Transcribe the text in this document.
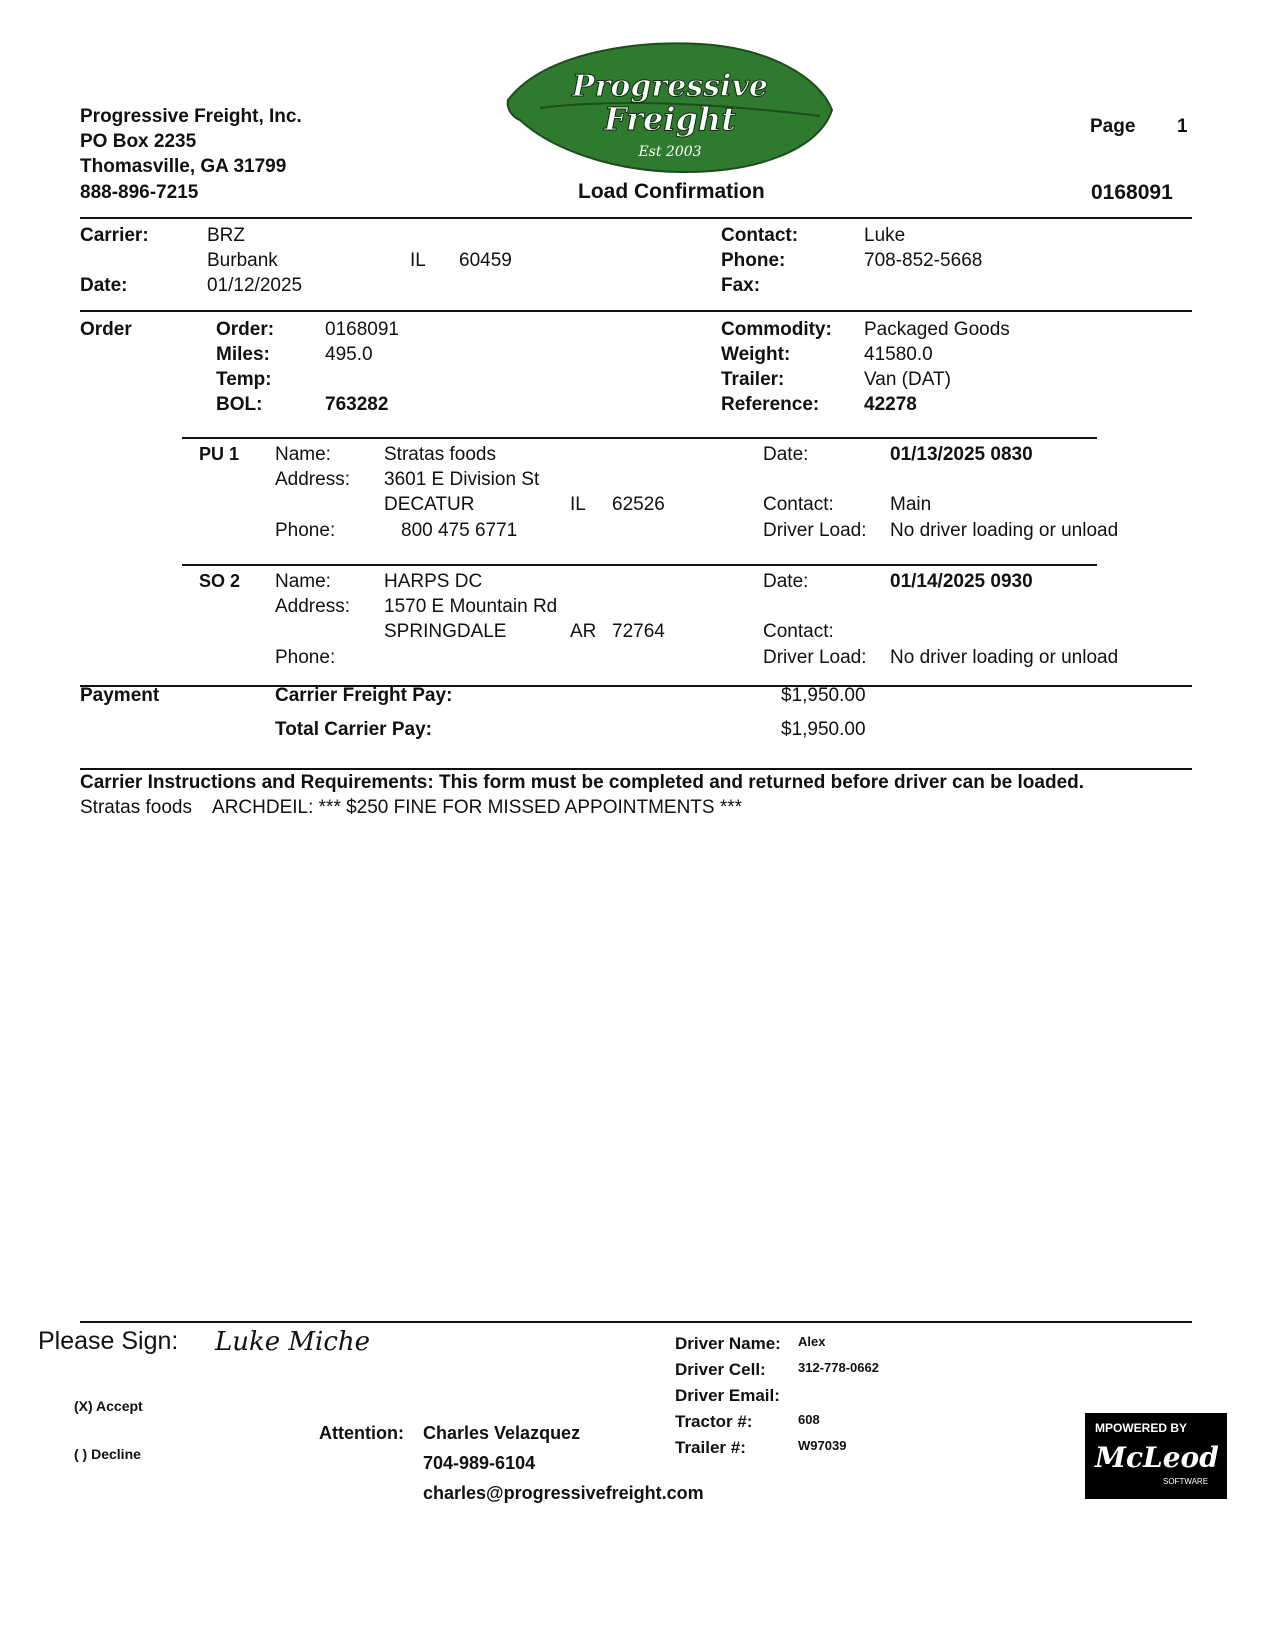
Progressive Freight, Inc.
PO Box 2235
Thomasville, GA 31799
888-896-7215
Progressive
Freight
Est 2003
Page 1
Load Confirmation	0168091
Carrier:	BRZ
Burbank	IL 60459
Date:	01/12/2025
Contact:	Luke
Phone:	708-852-5668
Fax:
Order	Order:	0168091
Miles:	495.0
Temp:
BOL:	763282
Commodity: Packaged Goods
Weight:	41580.0
Trailer:	Van (DAT)
Reference: 42278
PU 1 Name:	Stratas foods
Address: 3601 E Division St
DECATUR	IL 62526
Phone:	800 475 6771
Date:	01/13/2025 0830
Contact:	Main
Driver Load: No driver loading or unload
SO 2 Name:	HARPS DC
Address: 1570 E Mountain Rd
SPRINGDALE	AR 72764
Phone:
Date:	01/14/2025 0930
Contact:
Driver Load: No driver loading or unload
Payment	Carrier Freight Pay:	$1,950.00
Total Carrier Pay:	$1,950.00
Carrier Instructions and Requirements: This form must be completed and returned before driver can be loaded.
Stratas foods    ARCHDEIL: *** $250 FINE FOR MISSED APPOINTMENTS ***
Please Sign: Luke Miche
(X) Accept
( ) Decline
Attention: Charles Velazquez
704-989-6104
charles@progressivefreight.com
Driver Name: Alex
Driver Cell: 312-778-0662
Driver Email:
Tractor #:	608
Trailer #:	W97039
MPOWERED BY
McLeod
SOFTWARE
